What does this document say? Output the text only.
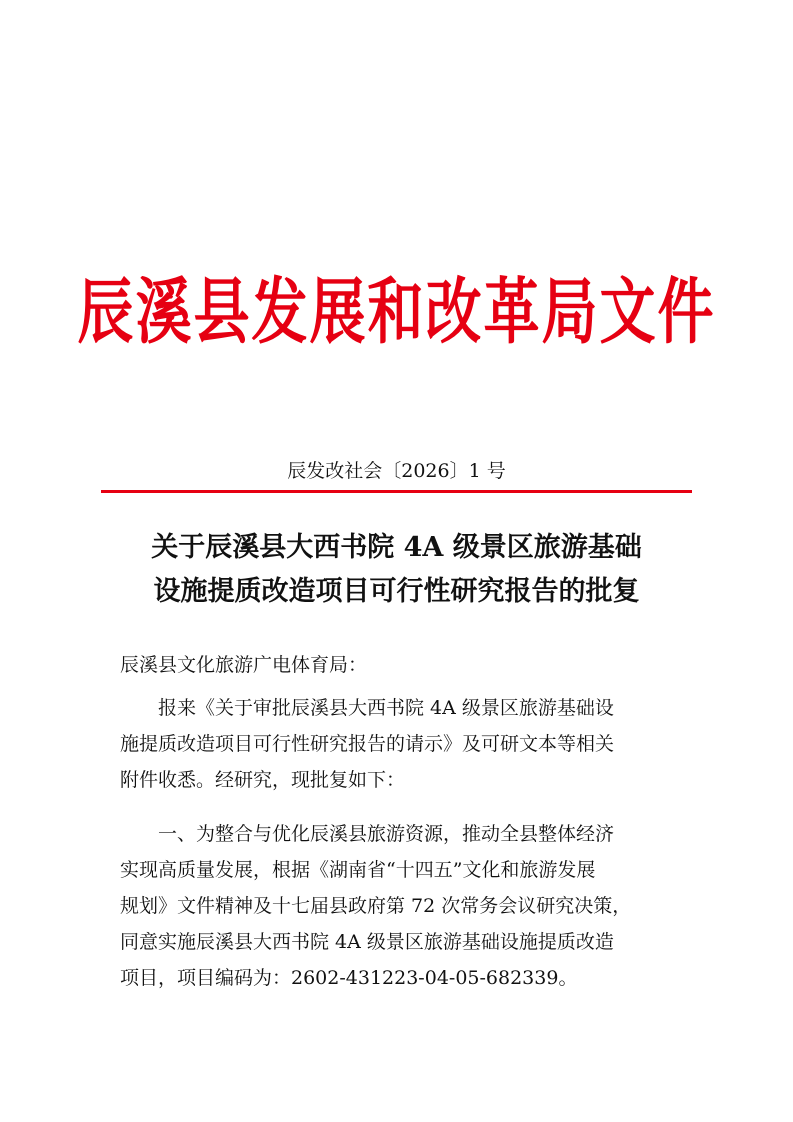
辰溪县发展和改革局文件
辰发改社会〔2026〕1 号
关于辰溪县大西书院 4A 级景区旅游基础
设施提质改造项目可行性研究报告的批复
辰溪县文化旅游广电体育局：
报来《关于审批辰溪县大西书院 4A 级景区旅游基础设
施提质改造项目可行性研究报告的请示》及可研文本等相关
附件收悉。经研究，现批复如下：
一、为整合与优化辰溪县旅游资源，推动全县整体经济
实现高质量发展，根据《湖南省“十四五”文化和旅游发展
规划》文件精神及十七届县政府第 72 次常务会议研究决策，
同意实施辰溪县大西书院 4A 级景区旅游基础设施提质改造
项目，项目编码为：2602-431223-04-05-682339。
